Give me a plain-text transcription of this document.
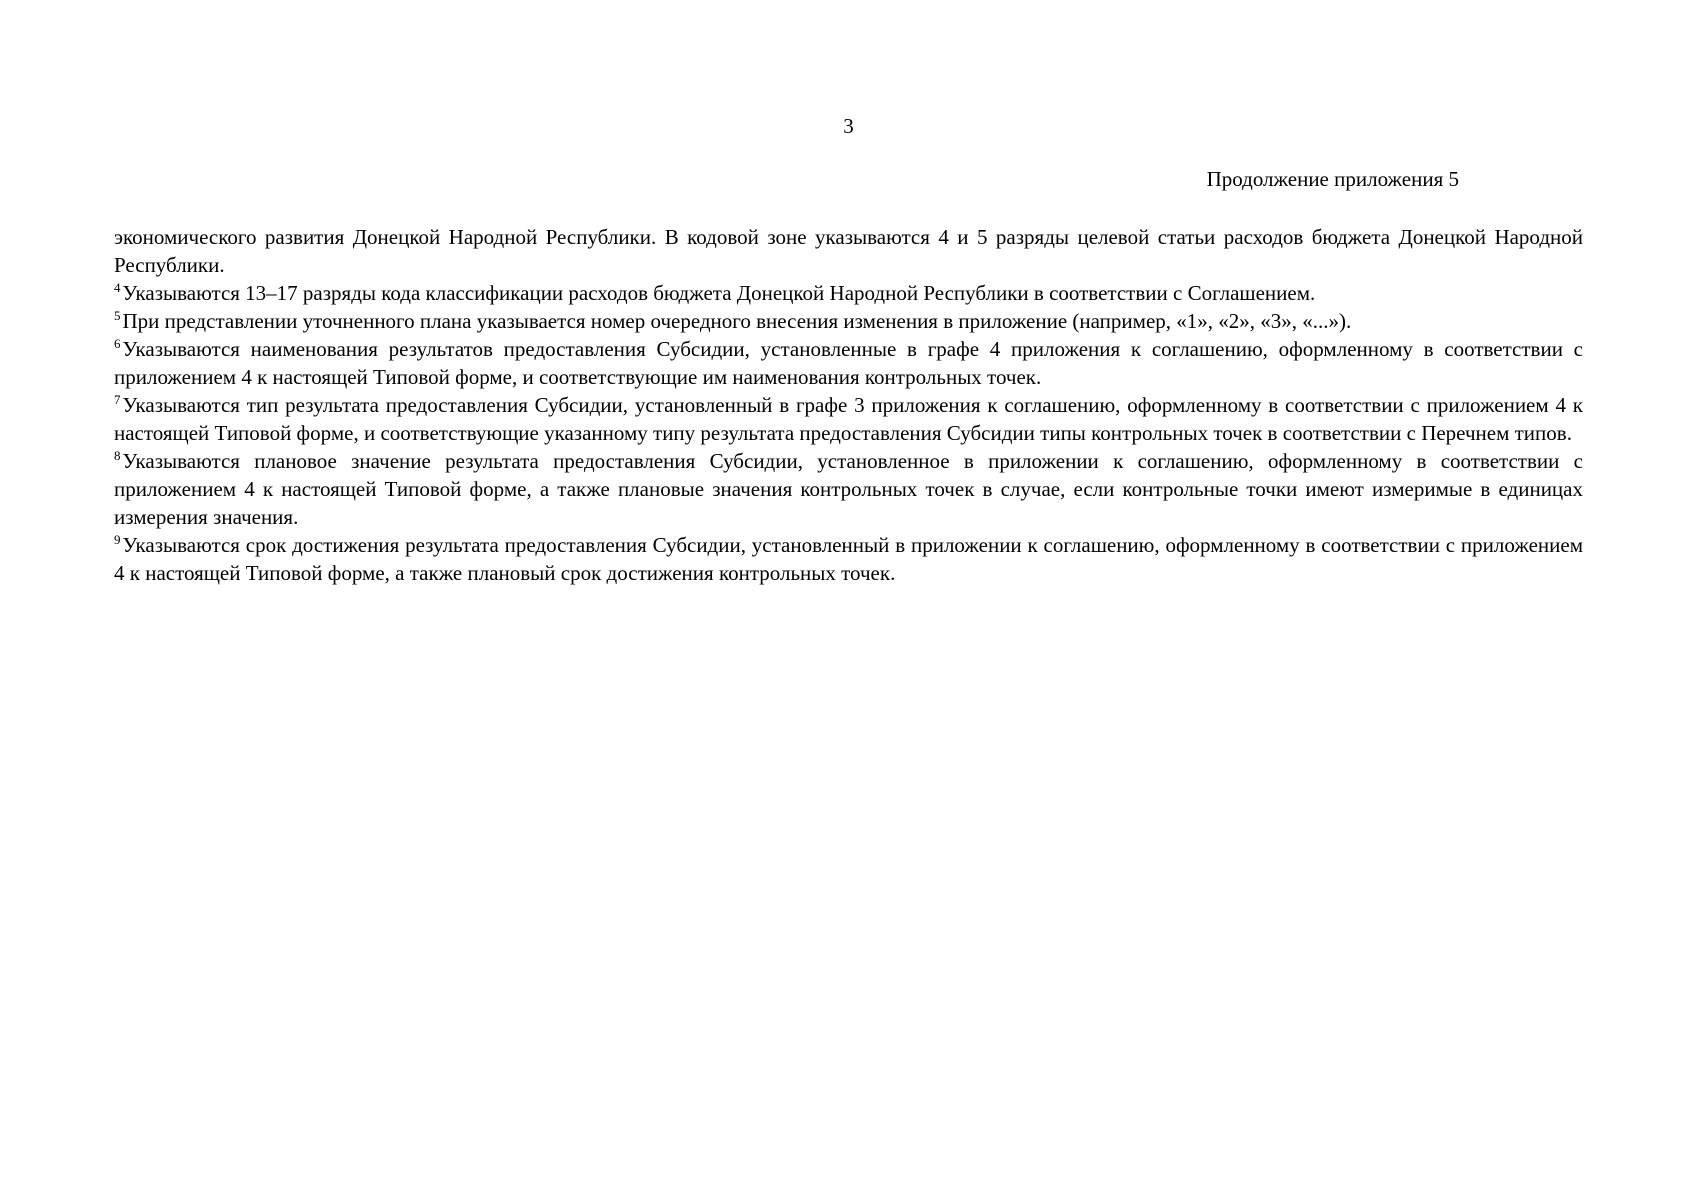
3
Продолжение приложения 5

экономического развития Донецкой Народной Республики. В кодовой зоне указываются 4 и 5 разряды целевой статьи расходов бюджета Донецкой Народной Республики.

$^4$Указываются 13–17 разряды кода классификации расходов бюджета Донецкой Народной Республики в соответствии с Соглашением.

$^5$При представлении уточненного плана указывается номер очередного внесения изменения в приложение (например, «1», «2», «3», «...»).

$^6$Указываются наименования результатов предоставления Субсидии, установленные в графе 4 приложения к соглашению, оформленному в соответствии с приложением 4 к настоящей Типовой форме, и соответствующие им наименования контрольных точек.

$^7$Указываются тип результата предоставления Субсидии, установленный в графе 3 приложения к соглашению, оформленному в соответствии с приложением 4 к настоящей Типовой форме, и соответствующие указанному типу результата предоставления Субсидии типы контрольных точек в соответствии с Перечнем типов.

$^8$Указываются плановое значение результата предоставления Субсидии, установленное в приложении к соглашению, оформленному в соответствии с приложением 4 к настоящей Типовой форме, а также плановые значения контрольных точек в случае, если контрольные точки имеют измеримые в единицах измерения значения.

$^9$Указываются срок достижения результата предоставления Субсидии, установленный в приложении к соглашению, оформленному в соответствии с приложением 4 к настоящей Типовой форме, а также плановый срок достижения контрольных точек.
